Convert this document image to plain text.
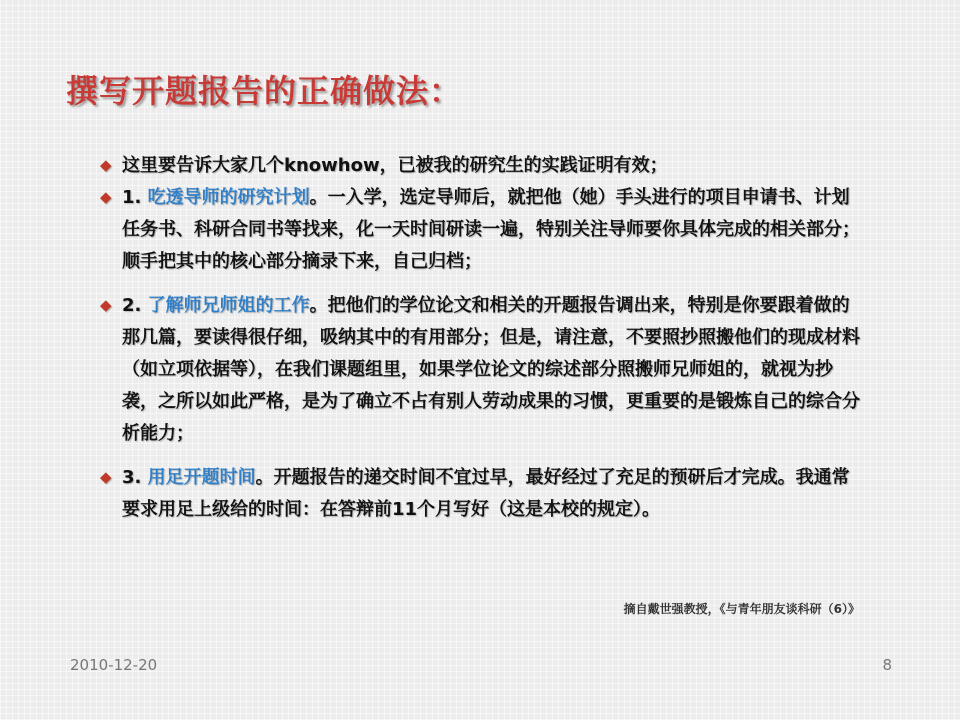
撰写开题报告的正确做法：
◆ 这里要告诉大家几个knowhow，已被我的研究生的实践证明有效；
◆ 1. 吃透导师的研究计划。一入学，选定导师后，就把他（她）手头进行的项目申请书、计划任务书、科研合同书等找来，化一天时间研读一遍，特别关注导师要你具体完成的相关部分；顺手把其中的核心部分摘录下来，自己归档；
◆ 2. 了解师兄师姐的工作。把他们的学位论文和相关的开题报告调出来，特别是你要跟着做的那几篇，要读得很仔细，吸纳其中的有用部分；但是，请注意，不要照抄照搬他们的现成材料（如立项依据等），在我们课题组里，如果学位论文的综述部分照搬师兄师姐的，就视为抄袭，之所以如此严格，是为了确立不占有别人劳动成果的习惯，更重要的是锻炼自己的综合分析能力；
◆ 3. 用足开题时间。开题报告的递交时间不宜过早，最好经过了充足的预研后才完成。我通常要求用足上级给的时间：在答辩前11个月写好（这是本校的规定）。
摘自戴世强教授，《与青年朋友谈科研（6）》
2010-12-20	8
